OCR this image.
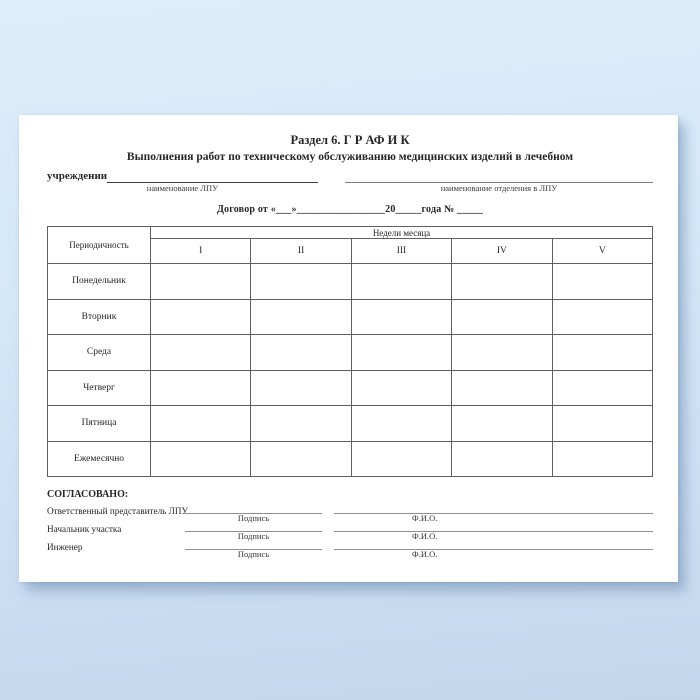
Раздел 6. Г Р АФ И К
Выполнения работ по техническому обслуживанию медицинских изделий в лечебном
учреждении
наименование ЛПУ	наименование отделения в ЛПУ
Договор от «___»_________________20_____года № _____
Периодичность	Недели месяца				
	I	II	III	IV	V
Понедельник					
Вторник					
Среда					
Четверг					
Пятница					
Ежемесячно					
СОГЛАСОВАНО:
Ответственный представитель ЛПУ
Подпись	Ф.И.О.
Начальник участка
Подпись	Ф.И.О.
Инженер
Подпись	Ф.И.О.
